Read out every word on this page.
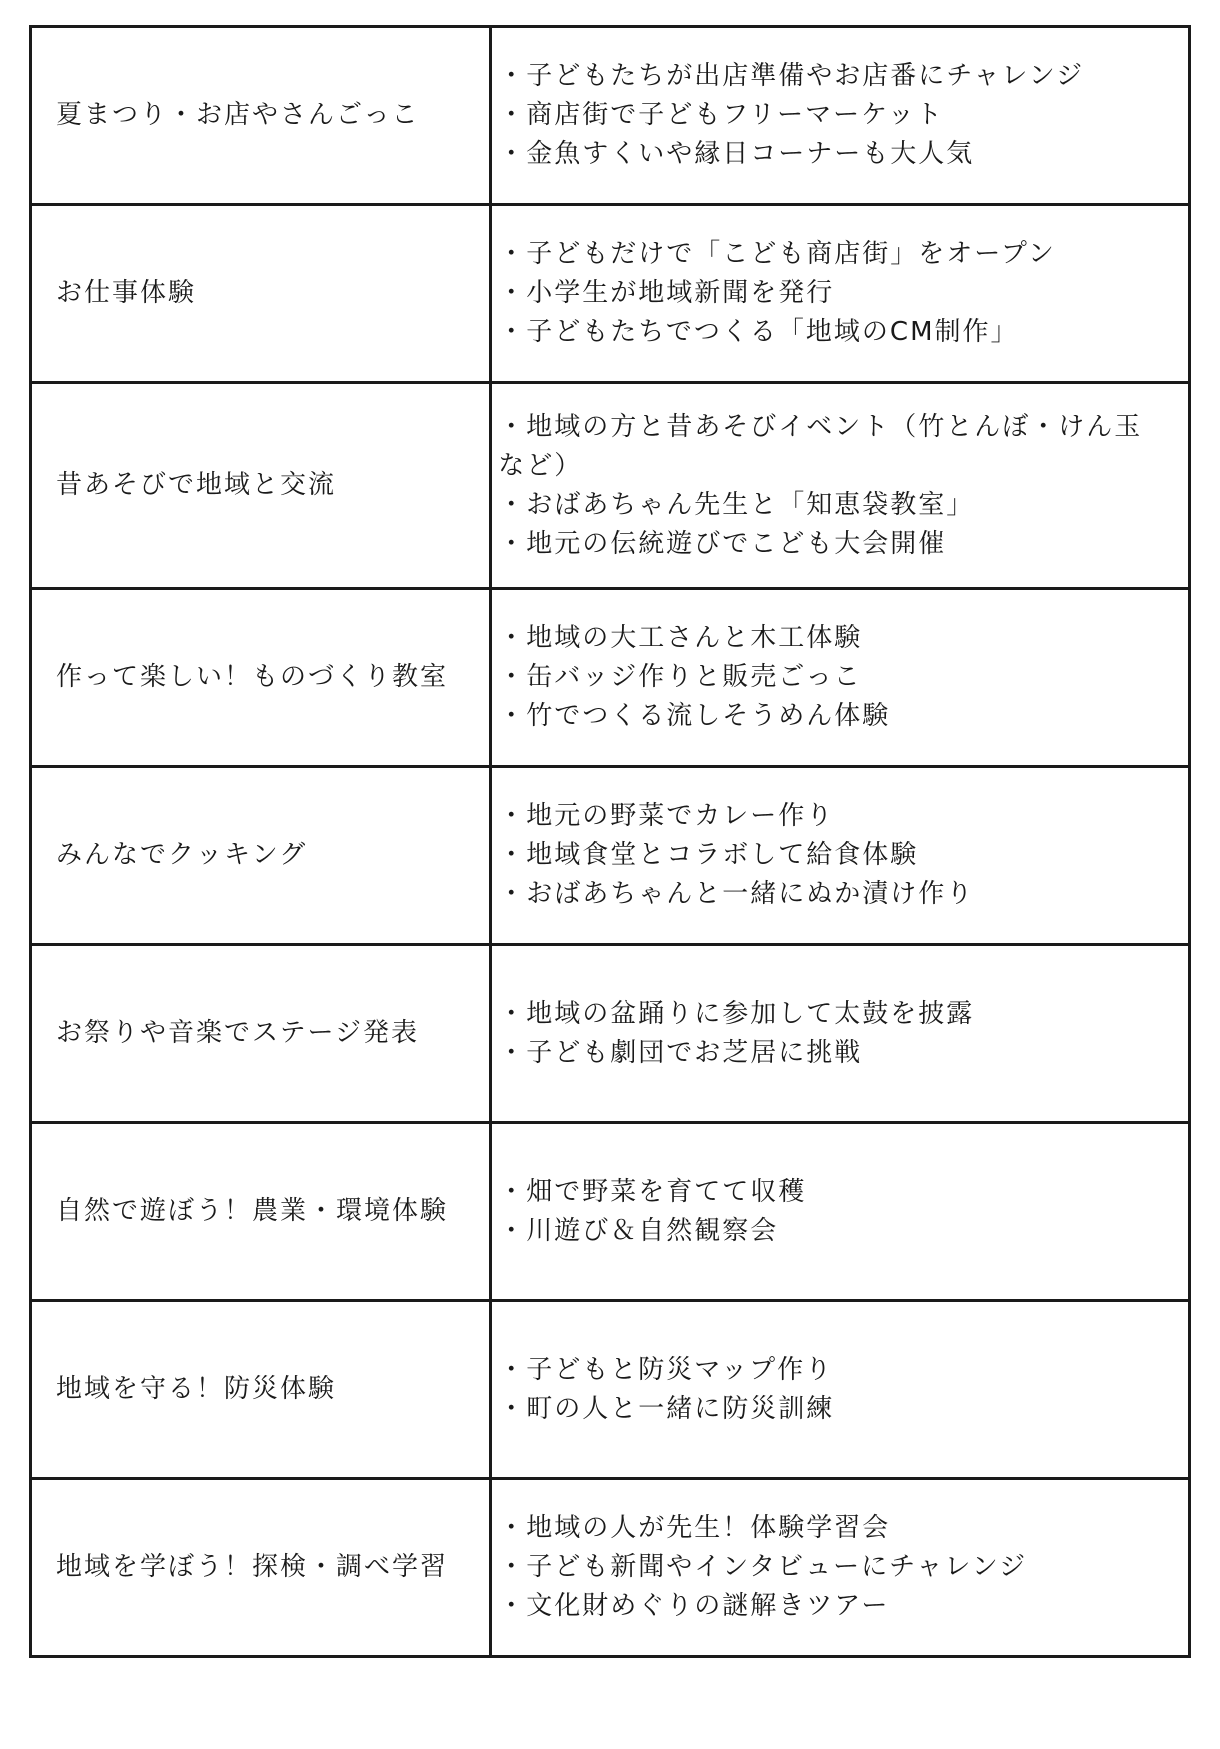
夏まつり・お店やさんごっこ	・子どもたちが出店準備やお店番にチャレンジ
・商店街で子どもフリーマーケット
・金魚すくいや縁日コーナーも大人気

お仕事体験	・子どもだけで「こども商店街」をオープン
・小学生が地域新聞を発行
・子どもたちでつくる「地域のCM制作」

昔あそびで地域と交流	・地域の方と昔あそびイベント（竹とんぼ・けん玉など）
・おばあちゃん先生と「知恵袋教室」
・地元の伝統遊びでこども大会開催

作って楽しい！ものづくり教室	・地域の大工さんと木工体験
・缶バッジ作りと販売ごっこ
・竹でつくる流しそうめん体験

みんなでクッキング	・地元の野菜でカレー作り
・地域食堂とコラボして給食体験
・おばあちゃんと一緒にぬか漬け作り

お祭りや音楽でステージ発表	・地域の盆踊りに参加して太鼓を披露
・子ども劇団でお芝居に挑戦

自然で遊ぼう！農業・環境体験	・畑で野菜を育てて収穫
・川遊び＆自然観察会

地域を守る！防災体験	・子どもと防災マップ作り
・町の人と一緒に防災訓練

地域を学ぼう！探検・調べ学習	・地域の人が先生！体験学習会
・子ども新聞やインタビューにチャレンジ
・文化財めぐりの謎解きツアー
